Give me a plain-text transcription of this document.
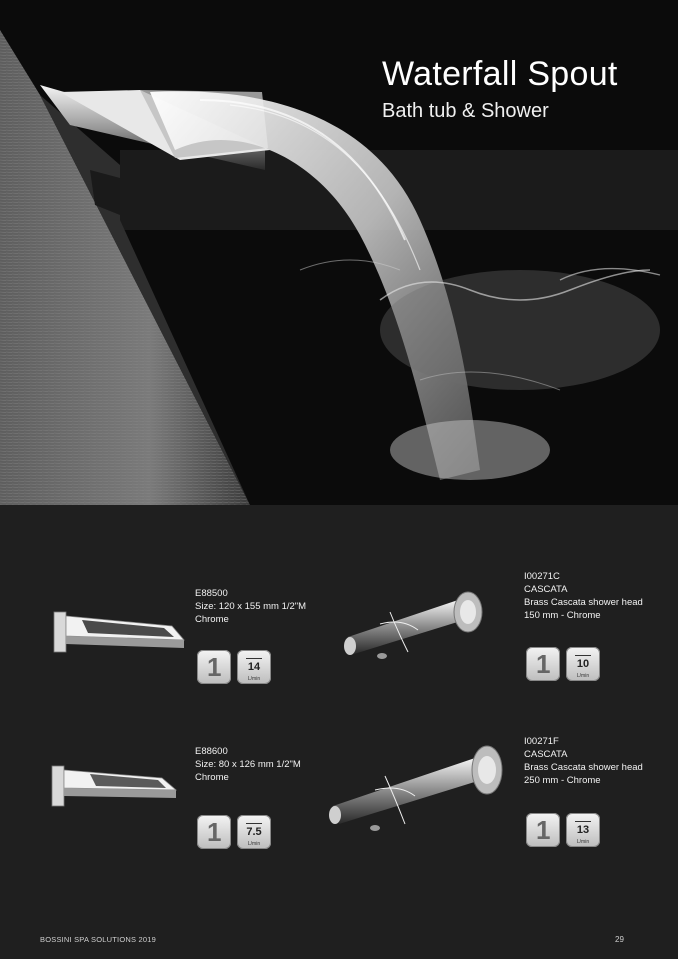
Waterfall Spout
Bath tub & Shower
E88500
Size: 120 x 155 mm 1/2"M
Chrome
1	14
L/min
I00271C
CASCATA
Brass Cascata shower head
150 mm - Chrome
1	10
L/min
E88600
Size: 80 x 126 mm 1/2"M
Chrome
1	7.5
L/min
I00271F
CASCATA
Brass Cascata shower head
250 mm - Chrome
1	13
L/min
BOSSINI SPA SOLUTIONS 2019	29
